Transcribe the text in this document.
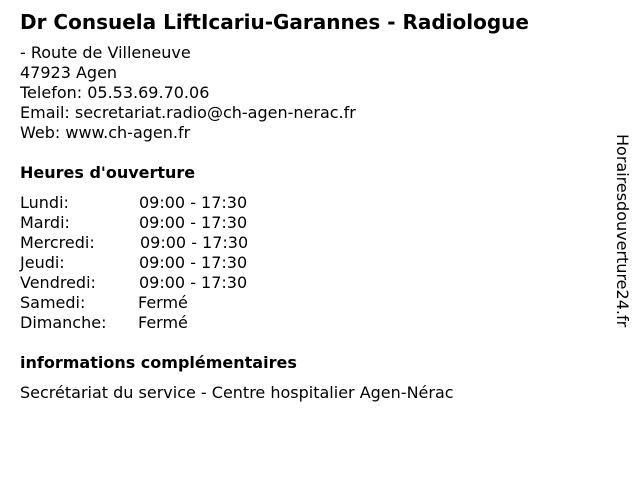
Dr Consuela LiftIcariu-Garannes - Radiologue
- Route de Villeneuve
47923 Agen
Telefon: 05.53.69.70.06
Email: secretariat.radio@ch-agen-nerac.fr
Web: www.ch-agen.fr
Heures d'ouverture
Lundi:	09:00 - 17:30
Mardi:	09:00 - 17:30
Mercredi:	09:00 - 17:30
Jeudi:	09:00 - 17:30
Vendredi:	09:00 - 17:30
Samedi:	Fermé
Dimanche: Fermé
informations complémentaires
Secrétariat du service - Centre hospitalier Agen-Nérac
Horairesdouverture24.fr
